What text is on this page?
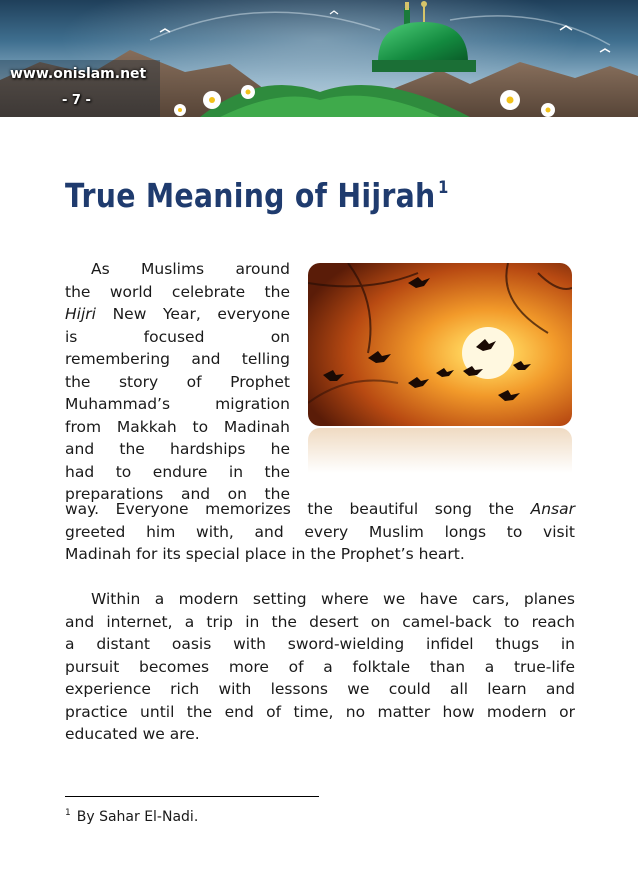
www.onislam.net
- 7 -
True Meaning of Hijrah $^1$
As Muslims around
the world celebrate the
Hijri New Year, everyone
is focused on
remembering and telling
the story of Prophet
Muhammad’s migration
from Makkah to Madinah
and the hardships he
had to endure in the
preparations and on the
way. Everyone memorizes the beautiful song the Ansar
greeted him with, and every Muslim longs to visit
Madinah for its special place in the Prophet’s heart.
Within a modern setting where we have cars, planes
and internet, a trip in the desert on camel-back to reach
a distant oasis with sword-wielding infidel thugs in
pursuit becomes more of a folktale than a true-life
experience rich with lessons we could all learn and
practice until the end of time, no matter how modern or
educated we are.
$^1$ By Sahar El-Nadi.
